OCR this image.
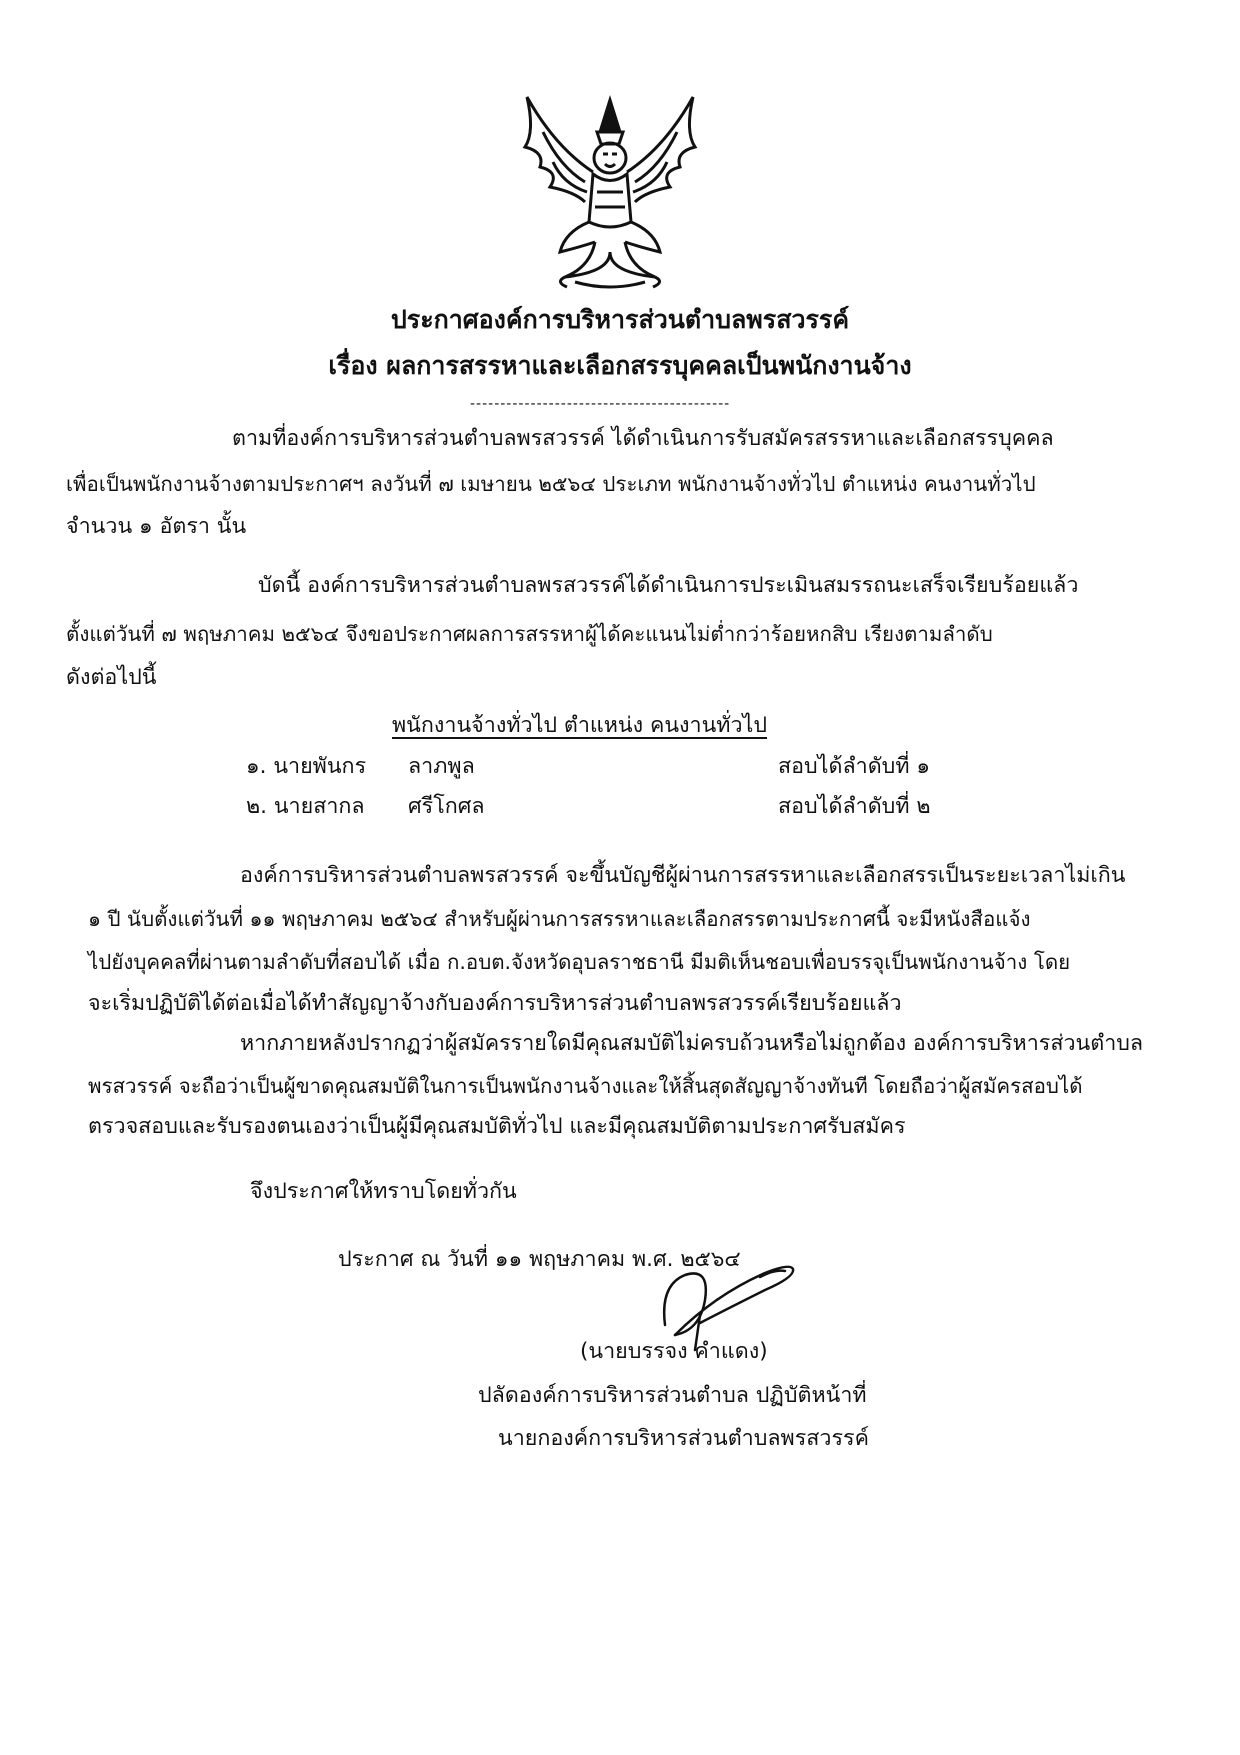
ประกาศองค์การบริหารส่วนตำบลพรสวรรค์
เรื่อง ผลการสรรหาและเลือกสรรบุคคลเป็นพนักงานจ้าง
-------------------------------------------
ตามที่องค์การบริหารส่วนตำบลพรสวรรค์ ได้ดำเนินการรับสมัครสรรหาและเลือกสรรบุคคล
เพื่อเป็นพนักงานจ้างตามประกาศฯ ลงวันที่ ๗ เมษายน ๒๕๖๔ ประเภท พนักงานจ้างทั่วไป ตำแหน่ง คนงานทั่วไป
จำนวน ๑ อัตรา นั้น
บัดนี้ องค์การบริหารส่วนตำบลพรสวรรค์ได้ดำเนินการประเมินสมรรถนะเสร็จเรียบร้อยแล้ว
ตั้งแต่วันที่ ๗ พฤษภาคม ๒๕๖๔ จึงขอประกาศผลการสรรหาผู้ได้คะแนนไม่ต่ำกว่าร้อยหกสิบ เรียงตามลำดับ
ดังต่อไปนี้
พนักงานจ้างทั่วไป ตำแหน่ง คนงานทั่วไป
๑. นายพันกร ลาภพูล	สอบได้ลำดับที่ ๑
๒. นายสากล ศรีโกศล	สอบได้ลำดับที่ ๒
องค์การบริหารส่วนตำบลพรสวรรค์ จะขึ้นบัญชีผู้ผ่านการสรรหาและเลือกสรรเป็นระยะเวลาไม่เกิน
๑ ปี นับตั้งแต่วันที่ ๑๑ พฤษภาคม ๒๕๖๔ สำหรับผู้ผ่านการสรรหาและเลือกสรรตามประกาศนี้ จะมีหนังสือแจ้ง
ไปยังบุคคลที่ผ่านตามลำดับที่สอบได้ เมื่อ ก.อบต.จังหวัดอุบลราชธานี มีมติเห็นชอบเพื่อบรรจุเป็นพนักงานจ้าง โดย
จะเริ่มปฏิบัติได้ต่อเมื่อได้ทำสัญญาจ้างกับองค์การบริหารส่วนตำบลพรสวรรค์เรียบร้อยแล้ว
หากภายหลังปรากฏว่าผู้สมัครรายใดมีคุณสมบัติไม่ครบถ้วนหรือไม่ถูกต้อง องค์การบริหารส่วนตำบล
พรสวรรค์ จะถือว่าเป็นผู้ขาดคุณสมบัติในการเป็นพนักงานจ้างและให้สิ้นสุดสัญญาจ้างทันที โดยถือว่าผู้สมัครสอบได้
ตรวจสอบและรับรองตนเองว่าเป็นผู้มีคุณสมบัติทั่วไป และมีคุณสมบัติตามประกาศรับสมัคร
จึงประกาศให้ทราบโดยทั่วกัน
ประกาศ ณ วันที่ ๑๑ พฤษภาคม พ.ศ. ๒๕๖๔
(นายบรรจง คำแดง)
ปลัดองค์การบริหารส่วนตำบล ปฏิบัติหน้าที่
นายกองค์การบริหารส่วนตำบลพรสวรรค์
